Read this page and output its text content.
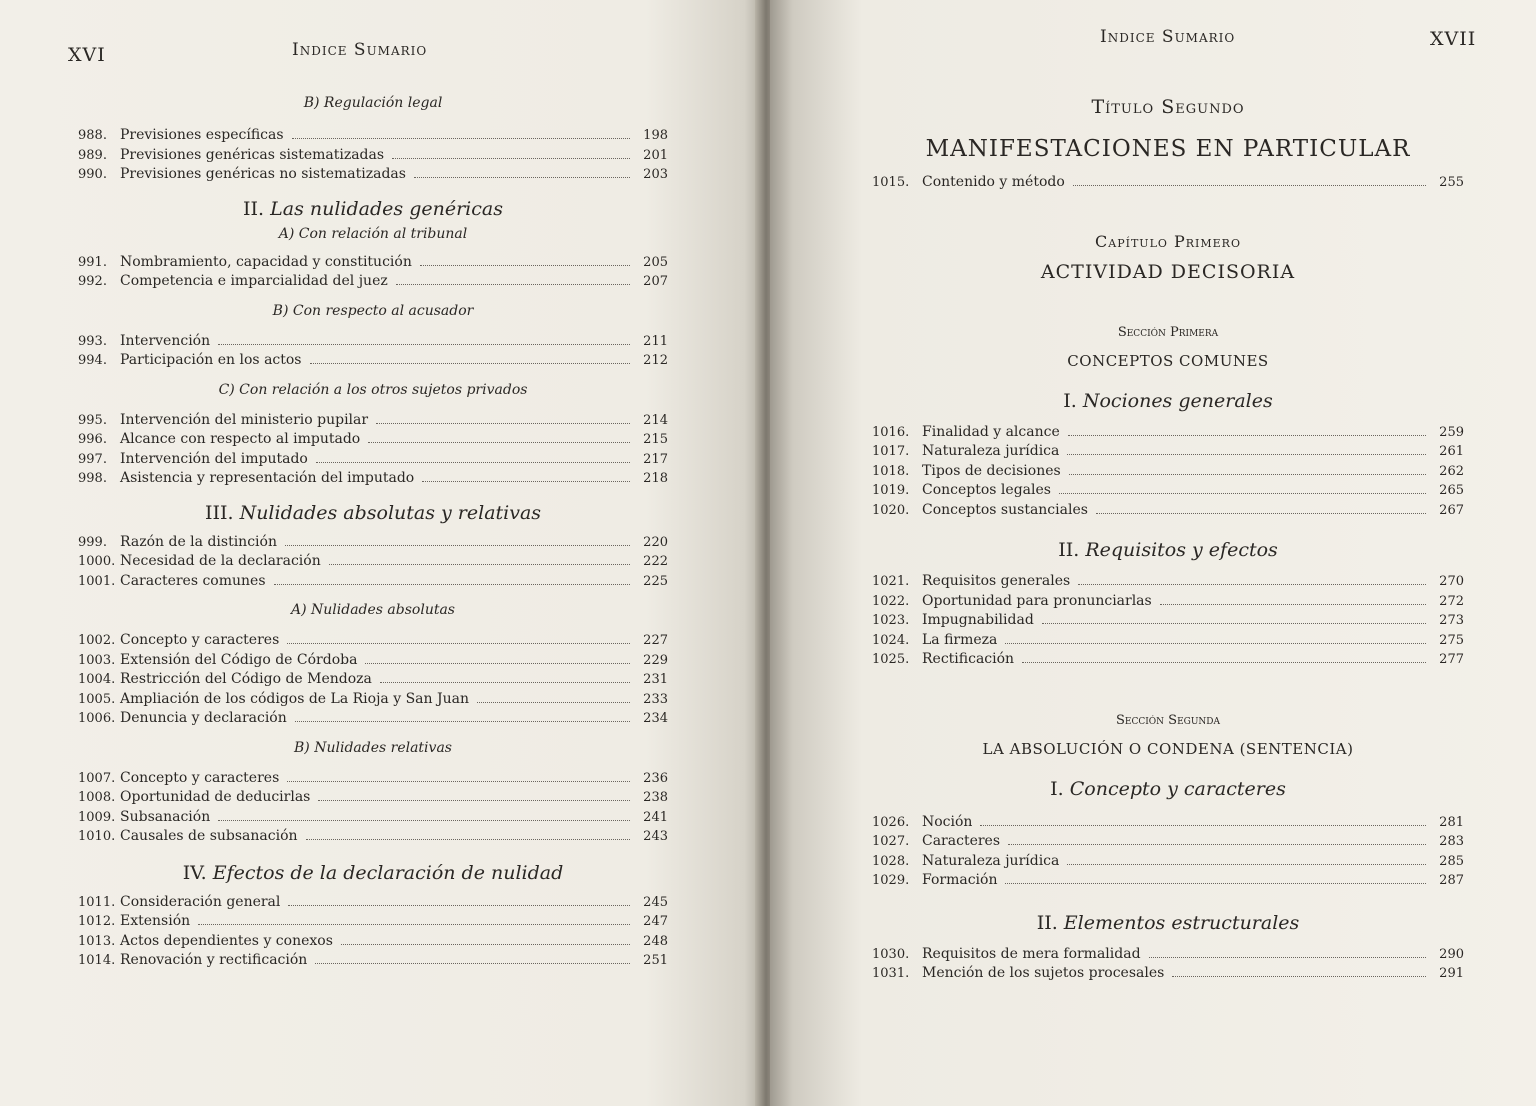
XVI	Indice Sumario

B) Regulación legal

988. Previsiones específicas	198
989. Previsiones genéricas sistematizadas	201
990. Previsiones genéricas no sistematizadas	203

II. Las nulidades genéricas

A) Con relación al tribunal

991. Nombramiento, capacidad y constitución	205
992. Competencia e imparcialidad del juez	207

B) Con respecto al acusador

993. Intervención	211
994. Participación en los actos	212

C) Con relación a los otros sujetos privados

995. Intervención del ministerio pupilar	214
996. Alcance con respecto al imputado	215
997. Intervención del imputado	217
998. Asistencia y representación del imputado	218

III. Nulidades absolutas y relativas

999. Razón de la distinción	220
1000. Necesidad de la declaración	222
1001. Caracteres comunes	225

A) Nulidades absolutas

1002. Concepto y caracteres	227
1003. Extensión del Código de Córdoba	229
1004. Restricción del Código de Mendoza	231
1005. Ampliación de los códigos de La Rioja y San Juan	233
1006. Denuncia y declaración	234

B) Nulidades relativas

1007. Concepto y caracteres	236
1008. Oportunidad de deducirlas	238
1009. Subsanación	241
1010. Causales de subsanación	243

IV. Efectos de la declaración de nulidad

1011. Consideración general	245
1012. Extensión	247
1013. Actos dependientes y conexos	248
1014. Renovación y rectificación	251
Indice Sumario	XVII

Título Segundo

MANIFESTACIONES EN PARTICULAR

1015. Contenido y método	255

Capítulo Primero

ACTIVIDAD DECISORIA

Sección Primera

CONCEPTOS COMUNES

I. Nociones generales

1016. Finalidad y alcance	259
1017. Naturaleza jurídica	261
1018. Tipos de decisiones	262
1019. Conceptos legales	265
1020. Conceptos sustanciales	267

II. Requisitos y efectos

1021. Requisitos generales	270
1022. Oportunidad para pronunciarlas	272
1023. Impugnabilidad	273
1024. La firmeza	275
1025. Rectificación	277

Sección Segunda

LA ABSOLUCIÓN O CONDENA (SENTENCIA)

I. Concepto y caracteres

1026. Noción	281
1027. Caracteres	283
1028. Naturaleza jurídica	285
1029. Formación	287

II. Elementos estructurales

1030. Requisitos de mera formalidad	290
1031. Mención de los sujetos procesales	291
